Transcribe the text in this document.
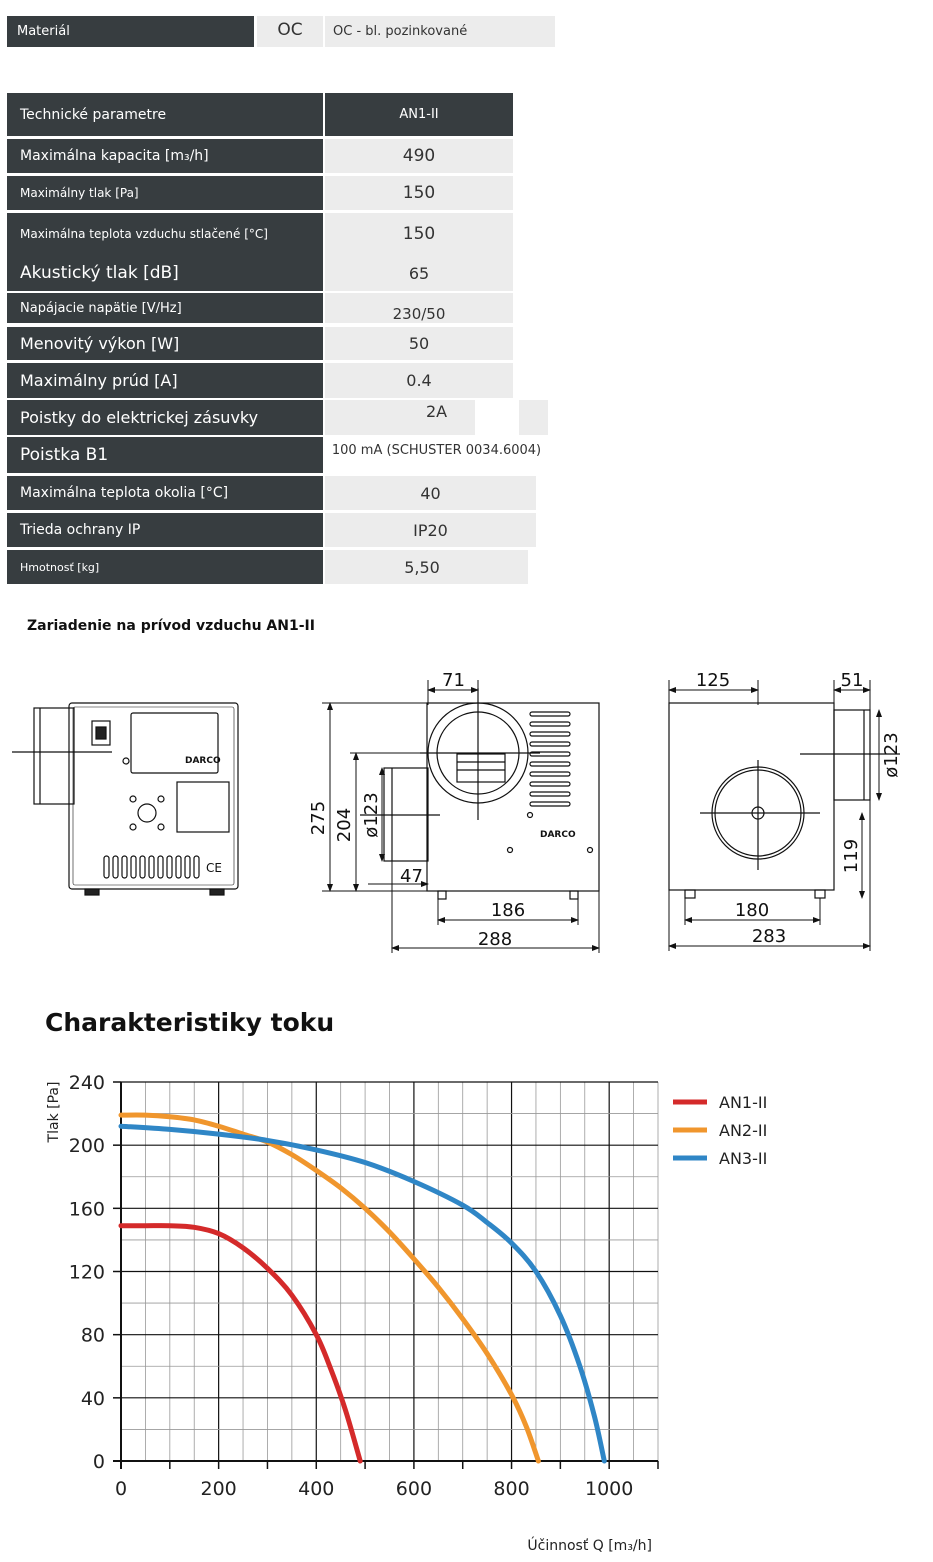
Materiál	OC	OC - bl. pozinkované
Technické parametre	AN1-II
Maximálna kapacita [m₃/h]	490
Maximálny tlak [Pa]	150
Maximálna teplota vzduchu stlačené [°C]	150
Akustický tlak [dB]	65
Napájacie napätie [V/Hz]	230/50
Menovitý výkon [W]	50
Maximálny prúd [A]	0.4
Poistky do elektrickej zásuvky	2A
Poistka B1	100 mA (SCHUSTER 0034.6004)
Maximálna teplota okolia [°C]	40
Trieda ochrany IP	IP20
Hmotnosť [kg]	5,50
Zariadenie na prívod vzduchu AN1-II
DARCO
DARCO
CE
71
275 204 ø123
47
186
288
125	51
ø123
119
180
283
Charakteristiky toku
0	200	400	600	800	1000
0
40
80
120
160
200
240
AN1-II
AN2-II
AN3-II
Tlak [Pa]
Účinnosť Q [m₃/h]
